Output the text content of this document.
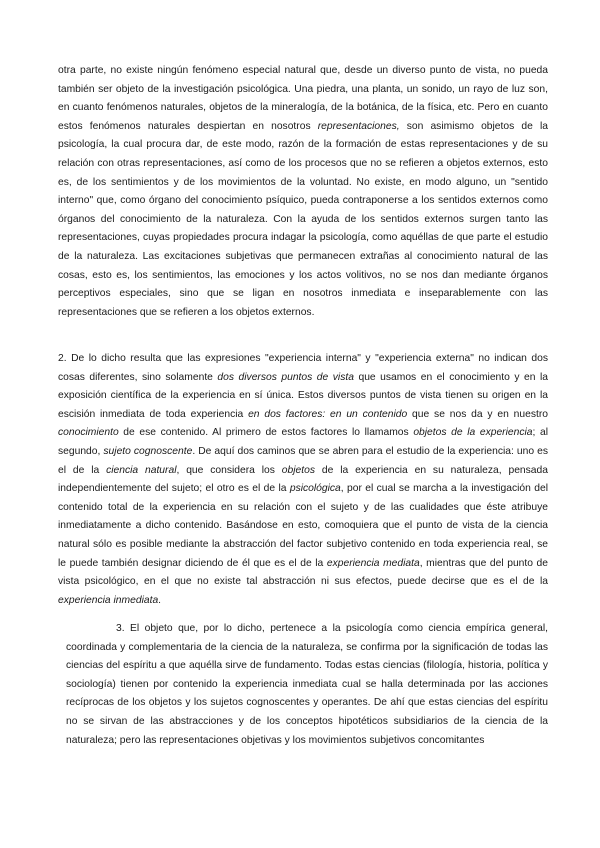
otra parte, no existe ningún fenómeno especial natural que, desde un diverso punto de vista, no pueda también ser objeto de la investigación psicológica. Una piedra, una planta, un sonido, un rayo de luz son, en cuanto fenómenos naturales, objetos de la mineralogía, de la botánica, de la física, etc. Pero en cuanto estos fenómenos naturales despiertan en nosotros representaciones, son asimismo objetos de la psicología, la cual procura dar, de este modo, razón de la formación de estas representaciones y de su relación con otras representaciones, así como de los procesos que no se refieren a objetos externos, esto es, de los sentimientos y de los movimientos de la voluntad. No existe, en modo alguno, un "sentido interno" que, como órgano del conocimiento psíquico, pueda contraponerse a los sentidos externos como órganos del conocimiento de la naturaleza. Con la ayuda de los sentidos externos surgen tanto las representaciones, cuyas propiedades procura indagar la psicología, como aquéllas de que parte el estudio de la naturaleza. Las excitaciones subjetivas que permanecen extrañas al conocimiento natural de las cosas, esto es, los sentimientos, las emociones y los actos volitivos, no se nos dan mediante órganos perceptivos especiales, sino que se ligan en nosotros inmediata e inseparablemente con las representaciones que se refieren a los objetos externos.

2. De lo dicho resulta que las expresiones "experiencia interna" y "experiencia externa" no indican dos cosas diferentes, sino solamente dos diversos puntos de vista que usamos en el conocimiento y en la exposición científica de la experiencia en sí única. Estos diversos puntos de vista tienen su origen en la escisión inmediata de toda experiencia en dos factores: en un contenido que se nos da y en nuestro conocimiento de ese contenido. Al primero de estos factores lo llamamos objetos de la experiencia; al segundo, sujeto cognoscente. De aquí dos caminos que se abren para el estudio de la experiencia: uno es el de la ciencia natural, que considera los objetos de la experiencia en su naturaleza, pensada independientemente del sujeto; el otro es el de la psicológica, por el cual se marcha a la investigación del contenido total de la experiencia en su relación con el sujeto y de las cualidades que éste atribuye inmediatamente a dicho contenido. Basándose en esto, comoquiera que el punto de vista de la ciencia natural sólo es posible mediante la abstracción del factor subjetivo contenido en toda experiencia real, se le puede también designar diciendo de él que es el de la experiencia mediata, mientras que del punto de vista psicológico, en el que no existe tal abstracción ni sus efectos, puede decirse que es el de la experiencia inmediata.

3. El objeto que, por lo dicho, pertenece a la psicología como ciencia empírica general, coordinada y complementaria de la ciencia de la naturaleza, se confirma por la significación de todas las ciencias del espíritu a que aquélla sirve de fundamento. Todas estas ciencias (filología, historia, política y sociología) tienen por contenido la experiencia inmediata cual se halla determinada por las acciones recíprocas de los objetos y los sujetos cognoscentes y operantes. De ahí que estas ciencias del espíritu no se sirvan de las abstracciones y de los conceptos hipotéticos subsidiarios de la ciencia de la naturaleza; pero las representaciones objetivas y los movimientos subjetivos concomitantes
